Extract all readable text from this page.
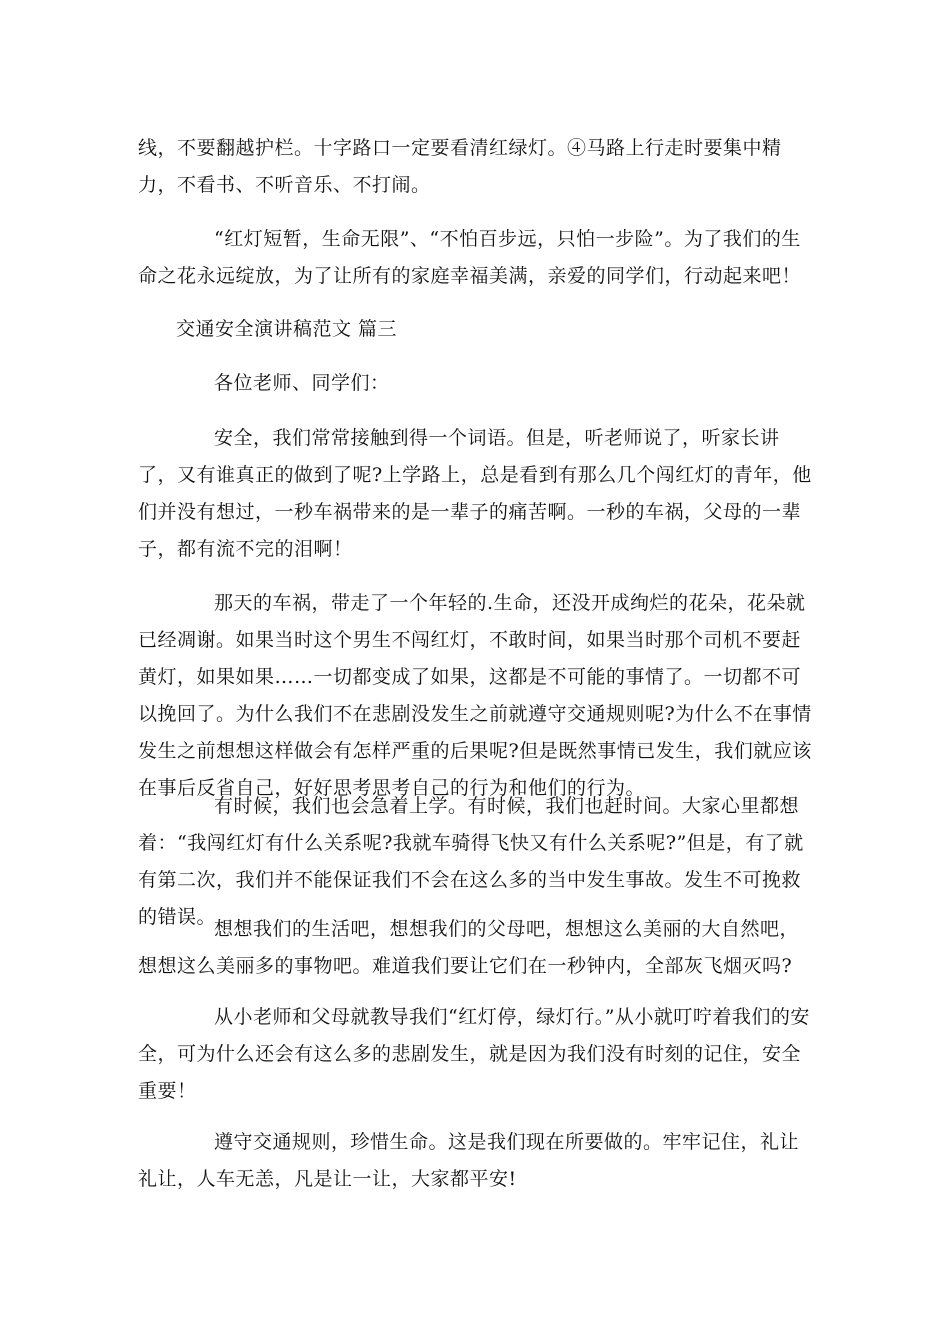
线，不要翻越护栏。十字路口一定要看清红绿灯。④马路上行走时要集中精力，不看书、不听音乐、不打闹。

“红灯短暂，生命无限”、“不怕百步远，只怕一步险”。为了我们的生命之花永远绽放，为了让所有的家庭幸福美满，亲爱的同学们，行动起来吧！

交通安全演讲稿范文 篇三

各位老师、同学们：

安全，我们常常接触到得一个词语。但是，听老师说了，听家长讲了，又有谁真正的做到了呢?上学路上，总是看到有那么几个闯红灯的青年，他们并没有想过，一秒车祸带来的是一辈子的痛苦啊。一秒的车祸，父母的一辈子，都有流不完的泪啊！

那天的车祸，带走了一个年轻的.生命，还没开成绚烂的花朵，花朵就已经凋谢。如果当时这个男生不闯红灯，不敢时间，如果当时那个司机不要赶黄灯，如果如果……一切都变成了如果，这都是不可能的事情了。一切都不可以挽回了。为什么我们不在悲剧没发生之前就遵守交通规则呢?为什么不在事情发生之前想想这样做会有怎样严重的后果呢?但是既然事情已发生，我们就应该在事后反省自己，好好思考思考自己的行为和他们的行为。

有时候，我们也会急着上学。有时候，我们也赶时间。大家心里都想着：“我闯红灯有什么关系呢?我就车骑得飞快又有什么关系呢?”但是，有了就有第二次，我们并不能保证我们不会在这么多的当中发生事故。发生不可挽救的错误。

想想我们的生活吧，想想我们的父母吧，想想这么美丽的大自然吧，想想这么美丽多的事物吧。难道我们要让它们在一秒钟内，全部灰飞烟灭吗?

从小老师和父母就教导我们“红灯停，绿灯行。”从小就叮咛着我们的安全，可为什么还会有这么多的悲剧发生，就是因为我们没有时刻的记住，安全重要！

遵守交通规则，珍惜生命。这是我们现在所要做的。牢牢记住，礼让礼让，人车无恙，凡是让一让，大家都平安!
